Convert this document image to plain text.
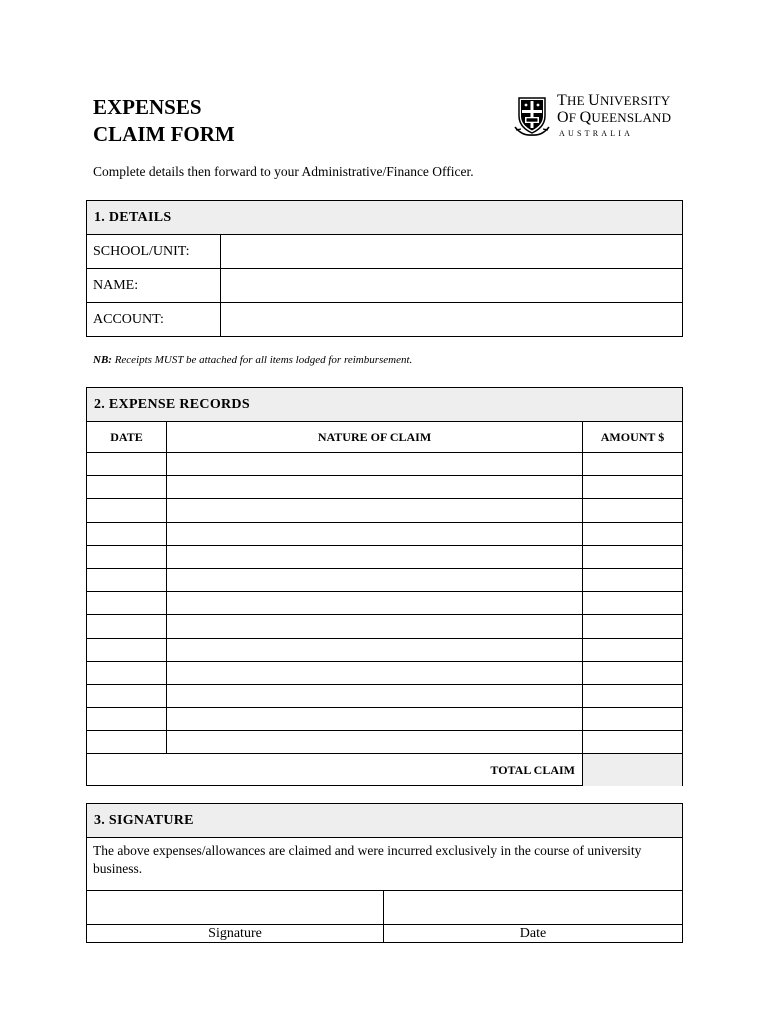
EXPENSES
CLAIM FORM
THE UNIVERSITY
OF QUEENSLAND
AUSTRALIA
Complete details then forward to your Administrative/Finance Officer.
1. DETAILS
SCHOOL/UNIT:
NAME:
ACCOUNT:
NB: Receipts MUST be attached for all items lodged for reimbursement.
2. EXPENSE RECORDS
DATE	NATURE OF CLAIM	AMOUNT $
TOTAL CLAIM
3. SIGNATURE
The above expenses/allowances are claimed and were incurred exclusively in the course of university business.
Signature	Date
